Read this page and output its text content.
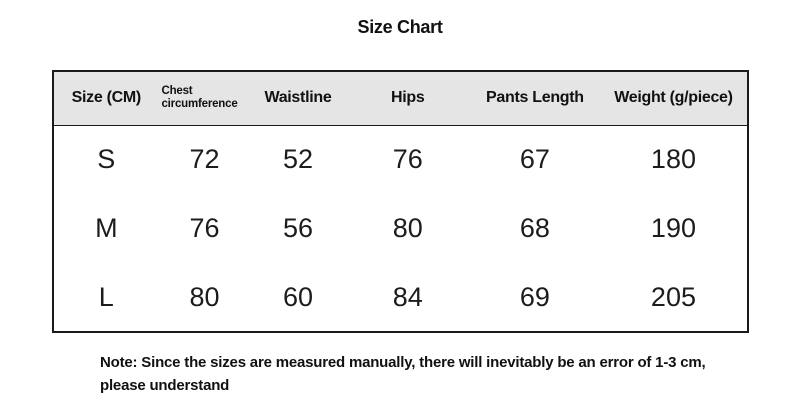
Size Chart
Size (CM)	Chest circumference	Waistline	Hips	Pants Length	Weight (g/piece)
S	72	52	76	67	180
M	76	56	80	68	190
L	80	60	84	69	205
Note: Since the sizes are measured manually, there will inevitably be an error of 1-3 cm,
please understand
